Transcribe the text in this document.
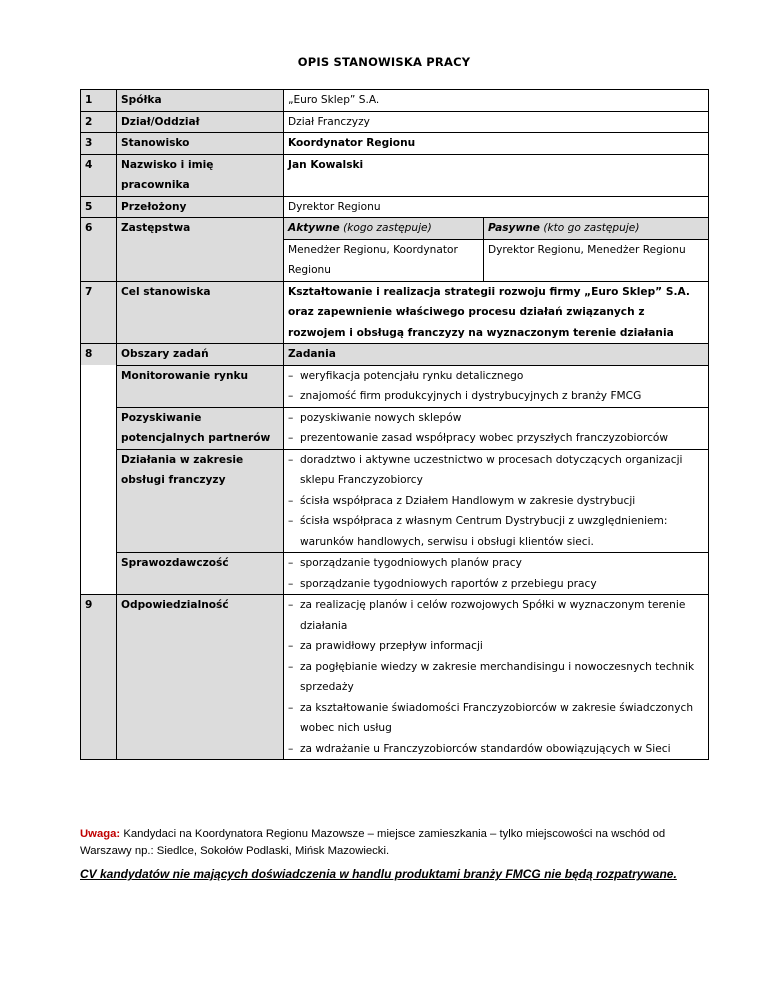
OPIS STANOWISKA PRACY
1	Spółka	„Euro Sklep” S.A.	
2	Dział/Oddział	Dział Franczyzy	
3	Stanowisko	Koordynator Regionu	
4	Nazwisko i imię pracownika	Jan Kowalski	
5	Przełożony	Dyrektor Regionu	
6	Zastępstwa	Aktywne (kogo zastępuje)	Pasywne (kto go zastępuje)
		Menedżer Regionu, Koordynator Regionu	Dyrektor Regionu, Menedżer Regionu
7	Cel stanowiska	Kształtowanie i realizacja strategii rozwoju firmy „Euro Sklep” S.A. oraz zapewnienie właściwego procesu działań związanych z rozwojem i obsługą franczyzy na wyznaczonym terenie działania	

8	Obszary zadań	Zadania	
	Monitorowanie rynku	– weryfikacja potencjału rynku detalicznego
– znajomość firm produkcyjnych i dystrybucyjnych z branży FMCG	

	Pozyskiwanie potencjalnych partnerów	– pozyskiwanie nowych sklepów
– prezentowanie zasad współpracy wobec przyszłych franczyzobiorców	

	Działania w zakresie obsługi franczyzy	– doradztwo i aktywne uczestnictwo w procesach dotyczących organizacji sklepu Franczyzobiorcy
– ścisła współpraca z Działem Handlowym w zakresie dystrybucji
– ścisła współpraca z własnym Centrum Dystrybucji z uwzględnieniem: warunków handlowych, serwisu i obsługi klientów sieci.	

	Sprawozdawczość	– sporządzanie tygodniowych planów pracy
– sporządzanie tygodniowych raportów z przebiegu pracy	

9	Odpowiedzialność	– za realizację planów i celów rozwojowych Spółki w wyznaczonym terenie działania
– za prawidłowy przepływ informacji
– za pogłębianie wiedzy w zakresie merchandisingu i nowoczesnych technik sprzedaży
– za kształtowanie świadomości Franczyzobiorców w zakresie świadczonych wobec nich usług
– za wdrażanie u Franczyzobiorców standardów obowiązujących w Sieci	
Uwaga: Kandydaci na Koordynatora Regionu Mazowsze – miejsce zamieszkania – tylko miejscowości na wschód od Warszawy np.: Siedlce, Sokołów Podlaski, Mińsk Mazowiecki.
CV kandydatów nie mających doświadczenia w handlu produktami branży FMCG nie będą rozpatrywane.
